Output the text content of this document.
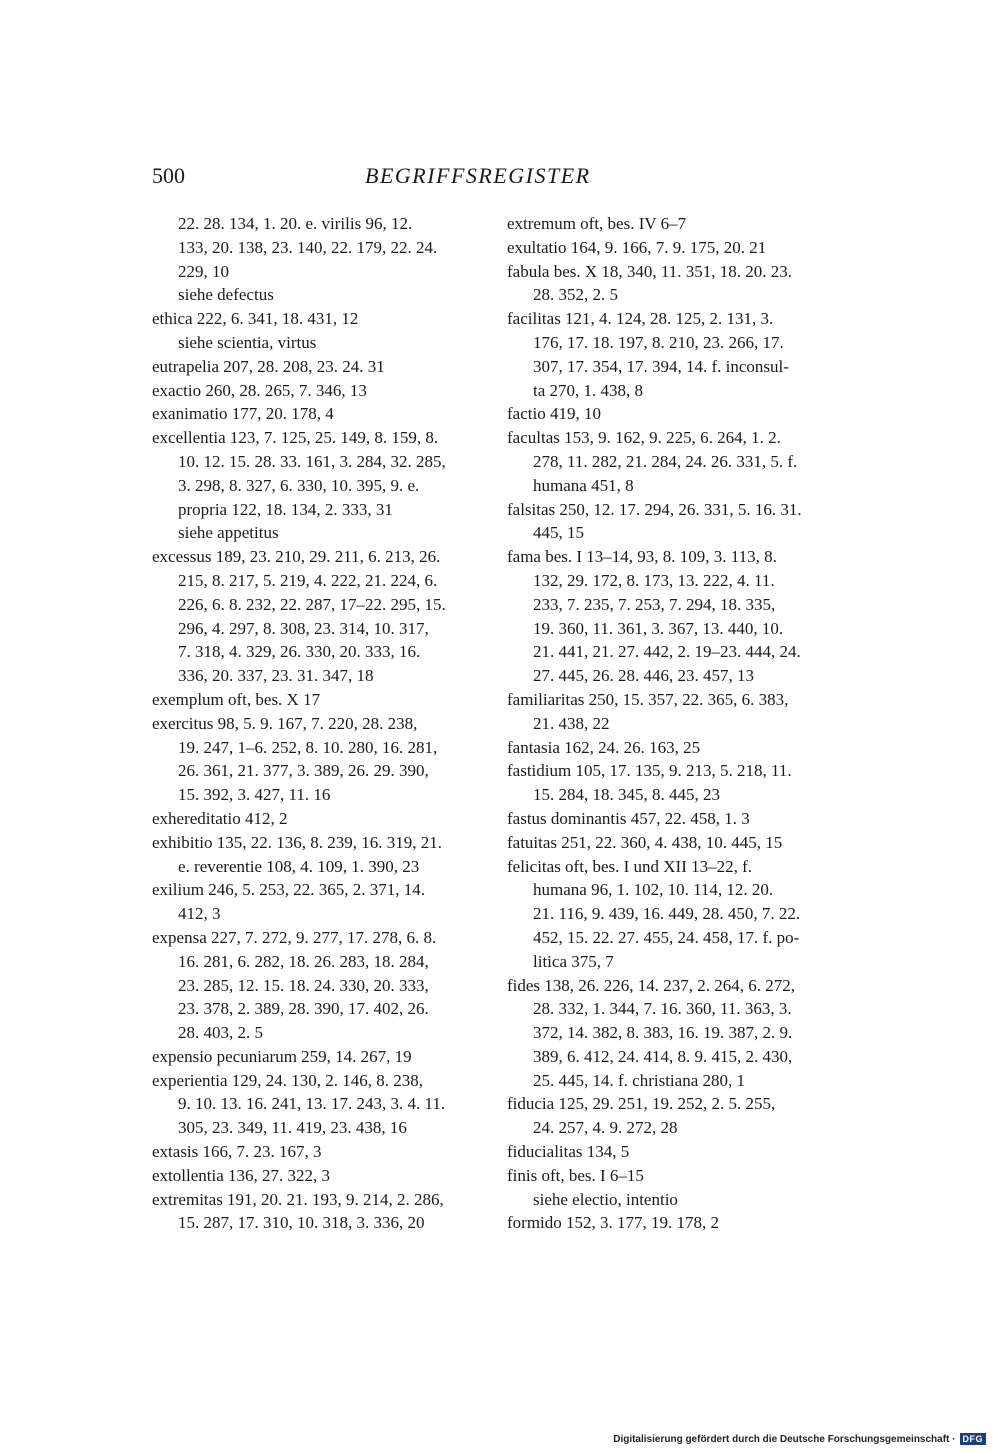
500	BEGRIFFSREGISTER
22. 28. 134, 1. 20. e. virilis 96, 12.
133, 20. 138, 23. 140, 22. 179, 22. 24.
229, 10
siehe defectus
ethica 222, 6. 341, 18. 431, 12
siehe scientia, virtus
eutrapelia 207, 28. 208, 23. 24. 31
exactio 260, 28. 265, 7. 346, 13
exanimatio 177, 20. 178, 4
excellentia 123, 7. 125, 25. 149, 8. 159, 8.
10. 12. 15. 28. 33. 161, 3. 284, 32. 285,
3. 298, 8. 327, 6. 330, 10. 395, 9. e.
propria 122, 18. 134, 2. 333, 31
siehe appetitus
excessus 189, 23. 210, 29. 211, 6. 213, 26.
215, 8. 217, 5. 219, 4. 222, 21. 224, 6.
226, 6. 8. 232, 22. 287, 17–22. 295, 15.
296, 4. 297, 8. 308, 23. 314, 10. 317,
7. 318, 4. 329, 26. 330, 20. 333, 16.
336, 20. 337, 23. 31. 347, 18
exemplum oft, bes. X 17
exercitus 98, 5. 9. 167, 7. 220, 28. 238,
19. 247, 1–6. 252, 8. 10. 280, 16. 281,
26. 361, 21. 377, 3. 389, 26. 29. 390,
15. 392, 3. 427, 11. 16
exhereditatio 412, 2
exhibitio 135, 22. 136, 8. 239, 16. 319, 21.
e. reverentie 108, 4. 109, 1. 390, 23
exilium 246, 5. 253, 22. 365, 2. 371, 14.
412, 3
expensa 227, 7. 272, 9. 277, 17. 278, 6. 8.
16. 281, 6. 282, 18. 26. 283, 18. 284,
23. 285, 12. 15. 18. 24. 330, 20. 333,
23. 378, 2. 389, 28. 390, 17. 402, 26.
28. 403, 2. 5
expensio pecuniarum 259, 14. 267, 19
experientia 129, 24. 130, 2. 146, 8. 238,
9. 10. 13. 16. 241, 13. 17. 243, 3. 4. 11.
305, 23. 349, 11. 419, 23. 438, 16
extasis 166, 7. 23. 167, 3
extollentia 136, 27. 322, 3
extremitas 191, 20. 21. 193, 9. 214, 2. 286,
15. 287, 17. 310, 10. 318, 3. 336, 20
extremum oft, bes. IV 6–7
exultatio 164, 9. 166, 7. 9. 175, 20. 21
fabula bes. X 18, 340, 11. 351, 18. 20. 23.
28. 352, 2. 5
facilitas 121, 4. 124, 28. 125, 2. 131, 3.
176, 17. 18. 197, 8. 210, 23. 266, 17.
307, 17. 354, 17. 394, 14. f. inconsul-
ta 270, 1. 438, 8
factio 419, 10
facultas 153, 9. 162, 9. 225, 6. 264, 1. 2.
278, 11. 282, 21. 284, 24. 26. 331, 5. f.
humana 451, 8
falsitas 250, 12. 17. 294, 26. 331, 5. 16. 31.
445, 15
fama bes. I 13–14, 93, 8. 109, 3. 113, 8.
132, 29. 172, 8. 173, 13. 222, 4. 11.
233, 7. 235, 7. 253, 7. 294, 18. 335,
19. 360, 11. 361, 3. 367, 13. 440, 10.
21. 441, 21. 27. 442, 2. 19–23. 444, 24.
27. 445, 26. 28. 446, 23. 457, 13
familiaritas 250, 15. 357, 22. 365, 6. 383,
21. 438, 22
fantasia 162, 24. 26. 163, 25
fastidium 105, 17. 135, 9. 213, 5. 218, 11.
15. 284, 18. 345, 8. 445, 23
fastus dominantis 457, 22. 458, 1. 3
fatuitas 251, 22. 360, 4. 438, 10. 445, 15
felicitas oft, bes. I und XII 13–22, f.
humana 96, 1. 102, 10. 114, 12. 20.
21. 116, 9. 439, 16. 449, 28. 450, 7. 22.
452, 15. 22. 27. 455, 24. 458, 17. f. po-
litica 375, 7
fides 138, 26. 226, 14. 237, 2. 264, 6. 272,
28. 332, 1. 344, 7. 16. 360, 11. 363, 3.
372, 14. 382, 8. 383, 16. 19. 387, 2. 9.
389, 6. 412, 24. 414, 8. 9. 415, 2. 430,
25. 445, 14. f. christiana 280, 1
fiducia 125, 29. 251, 19. 252, 2. 5. 255,
24. 257, 4. 9. 272, 28
fiducialitas 134, 5
finis oft, bes. I 6–15
siehe electio, intentio
formido 152, 3. 177, 19. 178, 2
Digitalisierung gefördert durch die Deutsche Forschungsgemeinschaft · DFG
